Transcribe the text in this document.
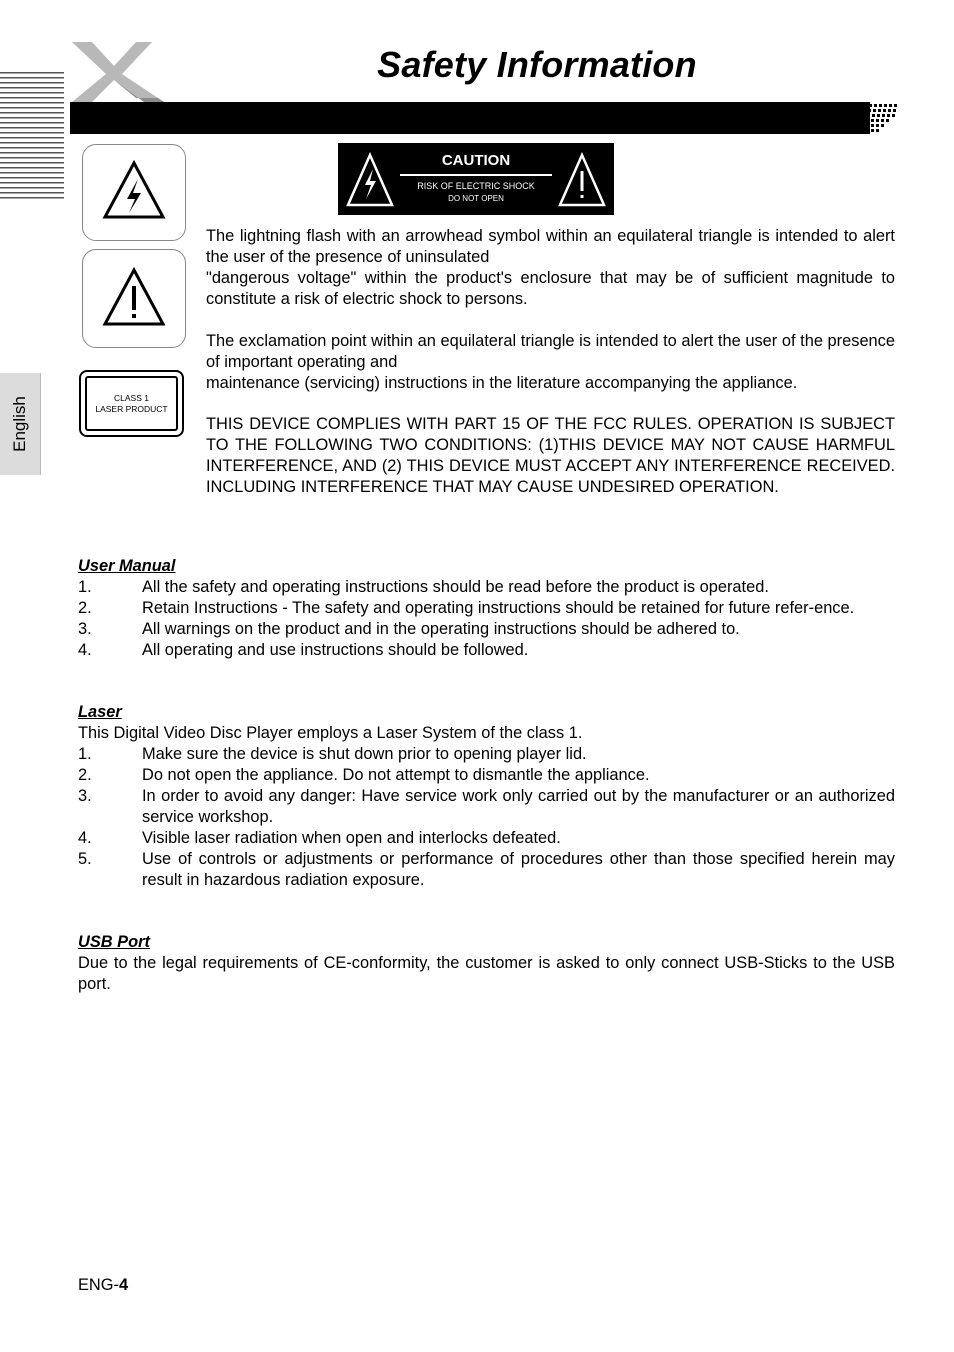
Safety Information
English	CLASS 1
LASER PRODUCT
CAUTION
RISK OF ELECTRIC SHOCK
DO NOT OPEN
The lightning flash with an arrowhead symbol within an equilateral triangle is intended to alert the user of the presence of uninsulated
"dangerous voltage" within the product's enclosure that may be of sufficient magnitude to constitute a risk of electric shock to persons.
The exclamation point within an equilateral triangle is intended to alert the user of the presence of important operating and
maintenance (servicing) instructions in the literature accompanying the appliance.
THIS DEVICE COMPLIES WITH PART 15 OF THE FCC RULES. OPERATION IS SUBJECT TO THE FOLLOWING TWO CONDITIONS: (1)THIS DEVICE MAY NOT CAUSE HARMFUL INTERFERENCE, AND (2) THIS DEVICE MUST ACCEPT ANY INTERFERENCE RECEIVED. INCLUDING INTERFERENCE THAT MAY CAUSE UNDESIRED OPERATION.
User Manual
1.	All the safety and operating instructions should be read before the product is operated.
2.	Retain Instructions - The safety and operating instructions should be retained for future refer-ence.
3.	All warnings on the product and in the operating instructions should be adhered to.
4.	All operating and use instructions should be followed.
Laser
This Digital Video Disc Player employs a Laser System of the class 1.
1.	Make sure the device is shut down prior to opening player lid.
2.	Do not open the appliance. Do not attempt to dismantle the appliance.
3.	In order to avoid any danger: Have service work only carried out by the manufacturer or an authorized service workshop.
4.	Visible laser radiation when open and interlocks defeated.
5.	Use of controls or adjustments or performance of procedures other than those specified herein may result in hazardous radiation exposure.
USB Port
Due to the legal requirements of CE-conformity, the customer is asked to only connect USB-Sticks to the USB port.
ENG-4
